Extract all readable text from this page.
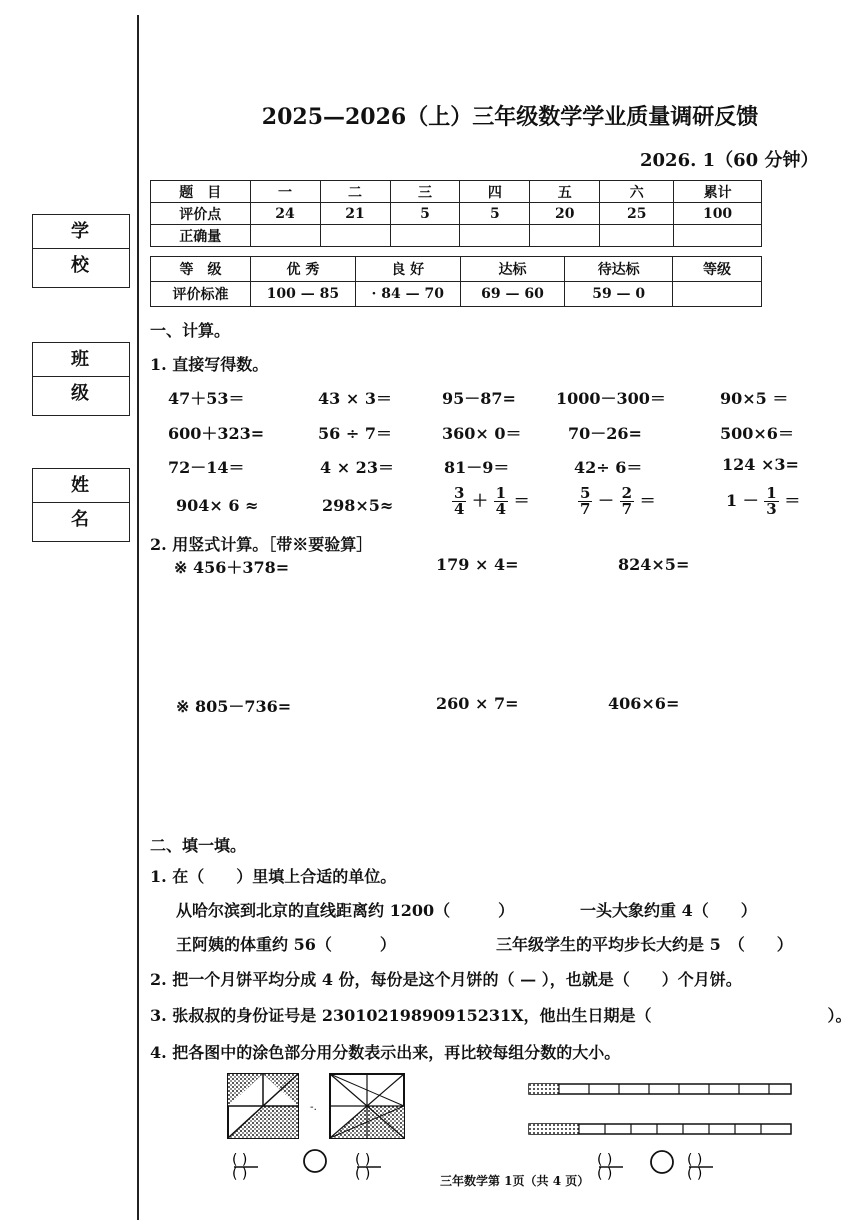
学 校
班 级
姓 名
2025—2026（上）三年级数学学业质量调研反馈
2026. 1（60 分钟）
题　目	一	二	三	四	五	六	累计
评价点	24	21	5	5	20	25	100
正确量							
等　级	优 秀	良 好	达标	待达标	等级
评价标准	100 — 85	· 84 — 70	69 — 60	59 — 0	
一、计算。
1. 直接写得数。
47＋53＝	43 × 3＝	95－87=	1000－300＝	90×5 ＝
600＋323=	56 ÷ 7＝	360× 0＝	70－26=	500×6＝
72－14＝	4 × 23＝	81－9＝	42÷ 6＝	124 ×3=
904× 6 ≈	298×5≈	$\frac{3}{4} + \frac{1}{4}$ ＝	$\frac{5}{7} - \frac{2}{7}$ ＝	$1 - \frac{1}{3}$ ＝
2. 用竖式计算。［带※要验算］
※ 456＋378=	179 × 4=	824×5=
※ 805－736=	260 × 7=	406×6=
二、填一填。
1. 在（　　）里填上合适的单位。
从哈尔滨到北京的直线距离约 1200（　　　）	一头大象约重 4（　　）
王阿姨的体重约 56（　　　）	三年级学生的平均步长大约是 5　（　　）
2. 把一个月饼平均分成 4 份，每份是这个月饼的（ — ），也就是（　　）个月饼。
3. 张叔叔的身份证号是 23010219890915231X，他出生日期是（　　　　　　　　　　　）。
4. 把各图中的涂色部分用分数表示出来，再比较每组分数的大小。
-.
( )
( )
( )
( )
( )
( )
( )
( )
三年数学第 1页（共 4 页）
